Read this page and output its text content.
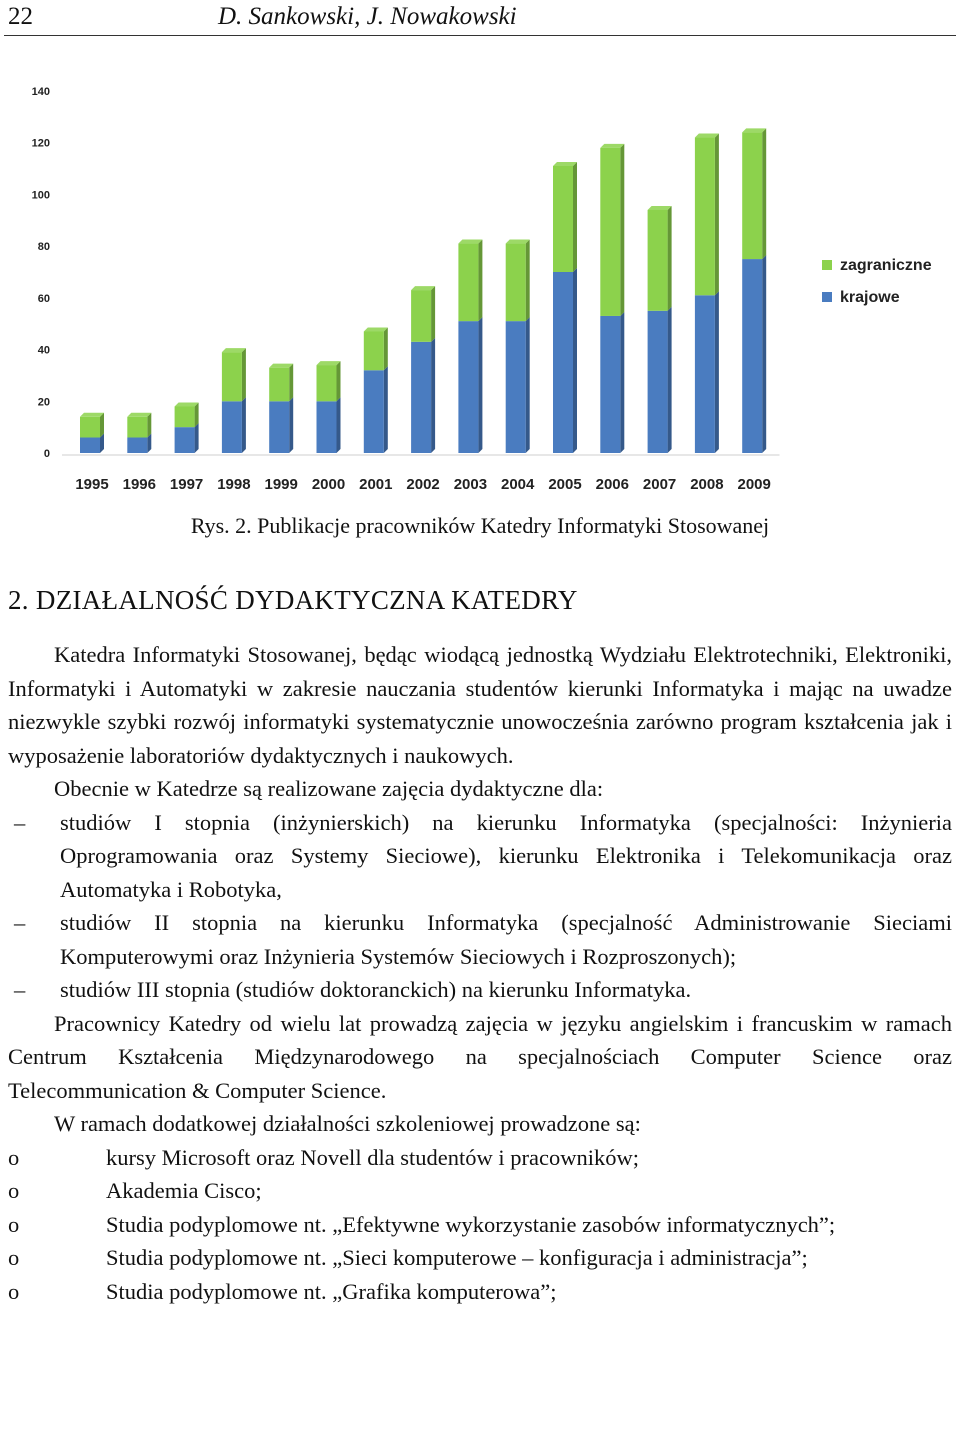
22	D. Sankowski, J. Nowakowski
0
20
40
60
80
100
120
140
1995 1996 1997 1998 1999 2000 2001 2002 2003 2004 2005 2006 2007 2008 2009
zagraniczne
krajowe
Rys. 2. Publikacje pracowników Katedry Informatyki Stosowanej
2. DZIAŁALNOŚĆ DYDAKTYCZNA KATEDRY

Katedra Informatyki Stosowanej, będąc wiodącą jednostką Wydziału Elektrotechniki, Elektroniki, Informatyki i Automatyki w zakresie nauczania studentów kierunki Informatyka i mając na uwadze niezwykle szybki rozwój informatyki systematycznie unowocześnia zarówno program kształcenia jak i wyposażenie laboratoriów dydaktycznych i naukowych.

Obecnie w Katedrze są realizowane zajęcia dydaktyczne dla:

– studiów I stopnia (inżynierskich) na kierunku Informatyka (specjalności: Inżynieria Oprogramowania oraz Systemy Sieciowe), kierunku Elektronika i Telekomunikacja oraz Automatyka i Robotyka,
– studiów II stopnia na kierunku Informatyka (specjalność Administrowanie Sieciami Komputerowymi oraz Inżynieria Systemów Sieciowych i Rozproszonych);
– studiów III stopnia (studiów doktoranckich) na kierunku Informatyka.

Pracownicy Katedry od wielu lat prowadzą zajęcia w języku angielskim i francuskim w ramach Centrum Kształcenia Międzynarodowego na specjalnościach Computer Science oraz Telecommunication & Computer Science.

W ramach dodatkowej działalności szkoleniowej prowadzone są:

o	kursy Microsoft oraz Novell dla studentów i pracowników;
o	Akademia Cisco;
o	Studia podyplomowe nt. „Efektywne wykorzystanie zasobów informatycznych”;
o	Studia podyplomowe nt. „Sieci komputerowe – konfiguracja i administracja”;
o	Studia podyplomowe nt. „Grafika komputerowa”;
